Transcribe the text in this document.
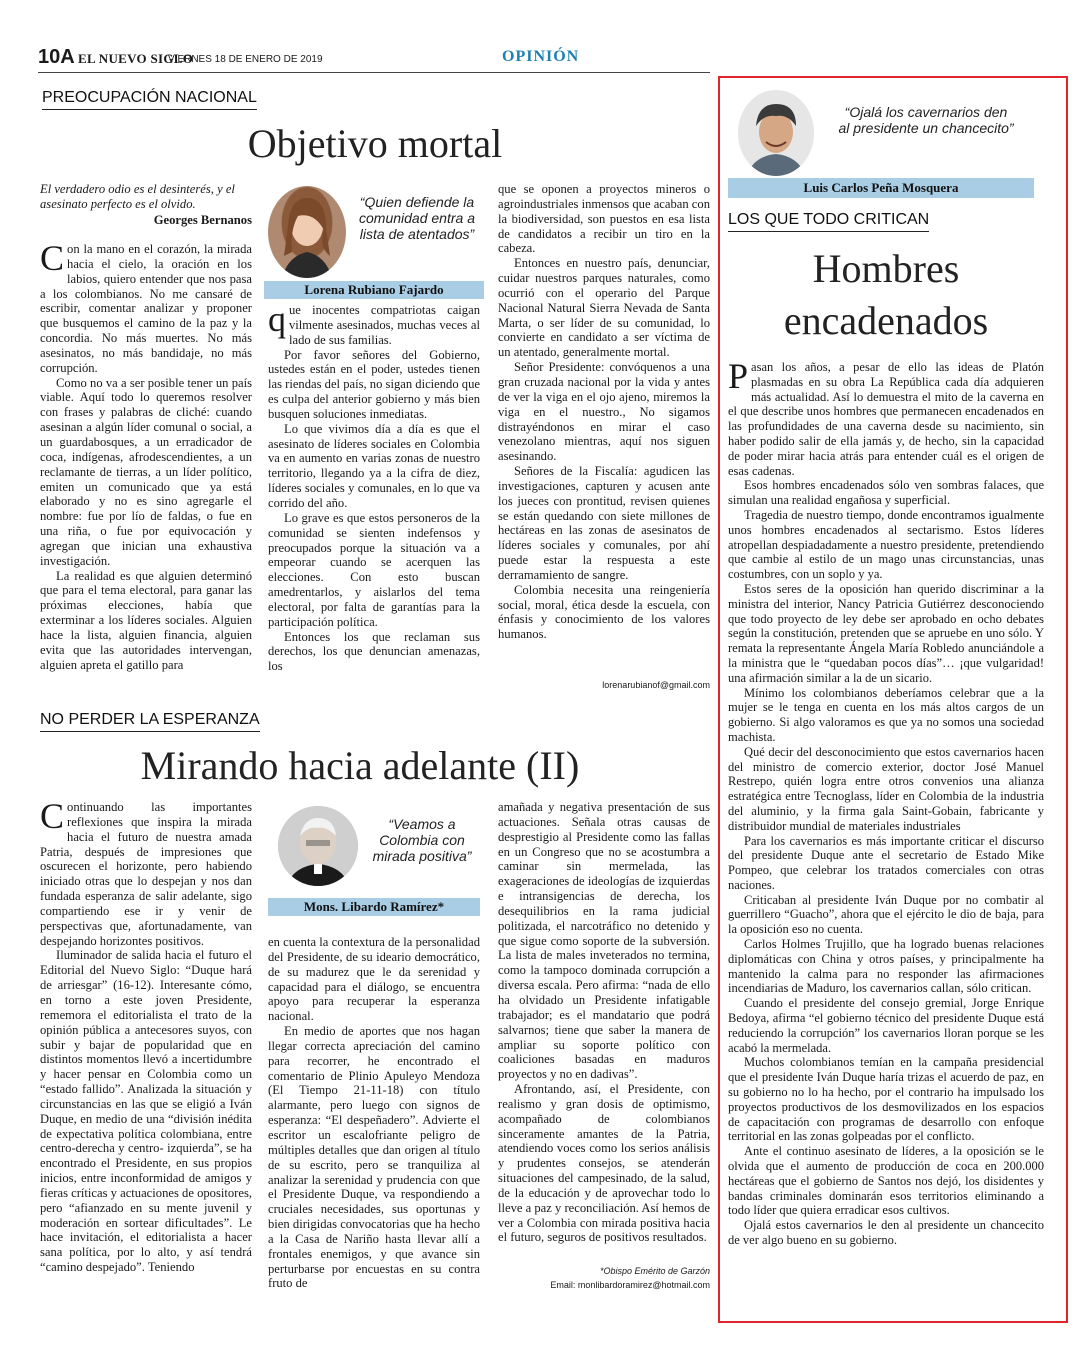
10A EL NUEVO SIGLO
VIERNES 18 DE ENERO DE 2019	OPINIÓN
PREOCUPACIÓN NACIONAL
Objetivo mortal
El verdadero odio es el desinterés, y el asesinato perfecto es el olvido.
Georges Bernanos

Con la mano en el corazón, la mirada hacia el cielo, la oración en los labios, quiero entender que nos pasa a los colombianos. No me cansaré de escribir, comentar analizar y proponer que busquemos el camino de la paz y la concordia. No más muertes. No más asesinatos, no más bandidaje, no más corrupción.

Como no va a ser posible tener un país viable. Aquí todo lo queremos resolver con frases y palabras de cliché: cuando asesinan a algún líder comunal o social, a un guardabosques, a un erradicador de coca, indígenas, afrodescendientes, a un reclamante de tierras, a un líder político, emiten un comunicado que ya está elaborado y no es sino agregarle el nombre: fue por lío de faldas, o fue en una riña, o fue por equivocación y agregan que inician una exhaustiva investigación.

La realidad es que alguien determinó que para el tema electoral, para ganar las próximas elecciones, había que exterminar a los líderes sociales. Alguien hace la lista, alguien financia, alguien evita que las autoridades intervengan, alguien apreta el gatillo para

“Quien defiende la comunidad entra a lista de atentados”
Lorena Rubiano Fajardo

que inocentes compatriotas caigan vilmente asesinados, muchas veces al lado de sus familias.

Por favor señores del Gobierno, ustedes están en el poder, ustedes tienen las riendas del país, no sigan diciendo que es culpa del anterior gobierno y más bien busquen soluciones inmediatas.

Lo que vivimos día a día es que el asesinato de líderes sociales en Colombia va en aumento en varias zonas de nuestro territorio, llegando ya a la cifra de diez, líderes sociales y comunales, en lo que va corrido del año.

Lo grave es que estos personeros de la comunidad se sienten indefensos y preocupados porque la situación va a empeorar cuando se acerquen las elecciones. Con esto buscan amedrentarlos, y aislarlos del tema electoral, por falta de garantías para la participación política.

Entonces los que reclaman sus derechos, los que denuncian amenazas, los

que se oponen a proyectos mineros o agroindustriales inmensos que acaban con la biodiversidad, son puestos en esa lista de candidatos a recibir un tiro en la cabeza.

Entonces en nuestro país, denunciar, cuidar nuestros parques naturales, como ocurrió con el operario del Parque Nacional Natural Sierra Nevada de Santa Marta, o ser líder de su comunidad, lo convierte en candidato a ser víctima de un atentado, generalmente mortal.

Señor Presidente: convóquenos a una gran cruzada nacional por la vida y antes de ver la viga en el ojo ajeno, miremos la viga en el nuestro., No sigamos distrayéndonos en mirar el caso venezolano mientras, aquí nos siguen asesinando.

Señores de la Fiscalía: agudicen las investigaciones, capturen y acusen ante los jueces con prontitud, revisen quienes se están quedando con siete millones de hectáreas en las zonas de asesinatos de líderes sociales y comunales, por ahí puede estar la respuesta a este derramamiento de sangre.

Colombia necesita una reingeniería social, moral, ética desde la escuela, con énfasis y conocimiento de los valores humanos.

lorenarubianof@gmail.com
NO PERDER LA ESPERANZA
Mirando hacia adelante (II)

Continuando las importantes reflexiones que inspira la mirada hacia el futuro de nuestra amada Patria, después de impresiones que oscurecen el horizonte, pero habiendo iniciado otras que lo despejan y nos dan fundada esperanza de salir adelante, sigo compartiendo ese ir y venir de perspectivas que, afortunadamente, van despejando horizontes positivos.

Iluminador de salida hacia el futuro el Editorial del Nuevo Siglo: “Duque hará de arriesgar” (16-12). Interesante cómo, en torno a este joven Presidente, rememora el editorialista el trato de la opinión pública a antecesores suyos, con subir y bajar de popularidad que en distintos momentos llevó a incertidumbre y hacer pensar en Colombia como un “estado fallido”. Analizada la situación y circunstancias en las que se eligió a Iván Duque, en medio de una “división inédita de expectativa política colombiana, entre centro-derecha y centro- izquierda”, se ha encontrado el Presidente, en sus propios inicios, entre inconformidad de amigos y fieras críticas y actuaciones de opositores, pero “afianzado en su mente juvenil y moderación en sortear dificultades”. Le hace invitación, el editorialista a hacer sana política, por lo alto, y así tendrá “camino despejado”. Teniendo

“Veamos a Colombia con mirada positiva”
Mons. Libardo Ramírez*

en cuenta la contextura de la personalidad del Presidente, de su ideario democrático, de su madurez que le da serenidad y capacidad para el diálogo, se encuentra apoyo para recuperar la esperanza nacional.

En medio de aportes que nos hagan llegar correcta apreciación del camino para recorrer, he encontrado el comentario de Plinio Apuleyo Mendoza (El Tiempo 21-11-18) con título alarmante, pero luego con signos de esperanza: “El despeñadero”. Advierte el escritor un escalofriante peligro de múltiples detalles que dan origen al título de su escrito, pero se tranquiliza al analizar la serenidad y prudencia con que el Presidente Duque, va respondiendo a cruciales necesidades, sus oportunas y bien dirigidas convocatorias que ha hecho a la Casa de Nariño hasta llevar allí a frontales enemigos, y que avance sin perturbarse por encuestas en su contra fruto de

amañada y negativa presentación de sus actuaciones. Señala otras causas de desprestigio al Presidente como las fallas en un Congreso que no se acostumbra a caminar sin mermelada, las exageraciones de ideologías de izquierdas e intransigencias de derecha, los desequilibrios en la rama judicial politizada, el narcotráfico no detenido y que sigue como soporte de la subversión. La lista de males inveterados no termina, como la tampoco dominada corrupción a diversa escala. Pero afirma: “nada de ello ha olvidado un Presidente infatigable trabajador; es el mandatario que podrá salvarnos; tiene que saber la manera de ampliar su soporte político con coaliciones basadas en maduros proyectos y no en dadivas”.

Afrontando, así, el Presidente, con realismo y gran dosis de optimismo, acompañado de colombianos sinceramente amantes de la Patria, atendiendo voces como los serios análisis y prudentes consejos, se atenderán situaciones del campesinado, de la salud, de la educación y de aprovechar todo lo lleve a paz y reconciliación. Así hemos de ver a Colombia con mirada positiva hacia el futuro, seguros de positivos resultados.

*Obispo Emérito de Garzón
Email: monlibardoramirez@hotmail.com
“Ojalá los cavernarios den al presidente un chancecito”
Luis Carlos Peña Mosquera
LOS QUE TODO CRITICAN
Hombres
encadenados

Pasan los años, a pesar de ello las ideas de Platón plasmadas en su obra La República cada día adquieren más actualidad. Así lo demuestra el mito de la caverna en el que describe unos hombres que permanecen encadenados en las profundidades de una caverna desde su nacimiento, sin haber podido salir de ella jamás y, de hecho, sin la capacidad de poder mirar hacia atrás para entender cuál es el origen de esas cadenas.

Esos hombres encadenados sólo ven sombras falaces, que simulan una realidad engañosa y superficial.

Tragedia de nuestro tiempo, donde encontramos igualmente unos hombres encadenados al sectarismo. Estos líderes atropellan despiadadamente a nuestro presidente, pretendiendo que cambie al estilo de un mago unas circunstancias, unas costumbres, con un soplo y ya.

Estos seres de la oposición han querido discriminar a la ministra del interior, Nancy Patricia Gutiérrez desconociendo que todo proyecto de ley debe ser aprobado en ocho debates según la constitución, pretenden que se apruebe en uno sólo. Y remata la representante Ángela María Robledo anunciándole a la ministra que le “quedaban pocos días”… ¡que vulgaridad! una afirmación similar a la de un sicario.

Mínimo los colombianos deberíamos celebrar que a la mujer se le tenga en cuenta en los más altos cargos de un gobierno. Si algo valoramos es que ya no somos una sociedad machista.

Qué decir del desconocimiento que estos cavernarios hacen del ministro de comercio exterior, doctor José Manuel Restrepo, quién logra entre otros convenios una alianza estratégica entre Tecnoglass, líder en Colombia de la industria del aluminio, y la firma gala Saint-Gobain, fabricante y distribuidor mundial de materiales industriales

Para los cavernarios es más importante criticar el discurso del presidente Duque ante el secretario de Estado Mike Pompeo, que celebrar los tratados comerciales con otras naciones.

Criticaban al presidente Iván Duque por no combatir al guerrillero “Guacho”, ahora que el ejército le dio de baja, para la oposición eso no cuenta.

Carlos Holmes Trujillo, que ha logrado buenas relaciones diplomáticas con China y otros países, y principalmente ha mantenido la calma para no responder las afirmaciones incendiarias de Maduro, los cavernarios callan, sólo critican.

Cuando el presidente del consejo gremial, Jorge Enrique Bedoya, afirma “el gobierno técnico del presidente Duque está reduciendo la corrupción” los cavernarios lloran porque se les acabó la mermelada.

Muchos colombianos temían en la campaña presidencial que el presidente Iván Duque haría trizas el acuerdo de paz, en su gobierno no lo ha hecho, por el contrario ha impulsado los proyectos productivos de los desmovilizados en los espacios de capacitación con programas de desarrollo con enfoque territorial en las zonas golpeadas por el conflicto.

Ante el continuo asesinato de líderes, a la oposición se le olvida que el aumento de producción de coca en 200.000 hectáreas que el gobierno de Santos nos dejó, los disidentes y bandas criminales dominarán esos territorios eliminando a todo líder que quiera erradicar esos cultivos.

Ojalá estos cavernarios le den al presidente un chancecito de ver algo bueno en su gobierno.
